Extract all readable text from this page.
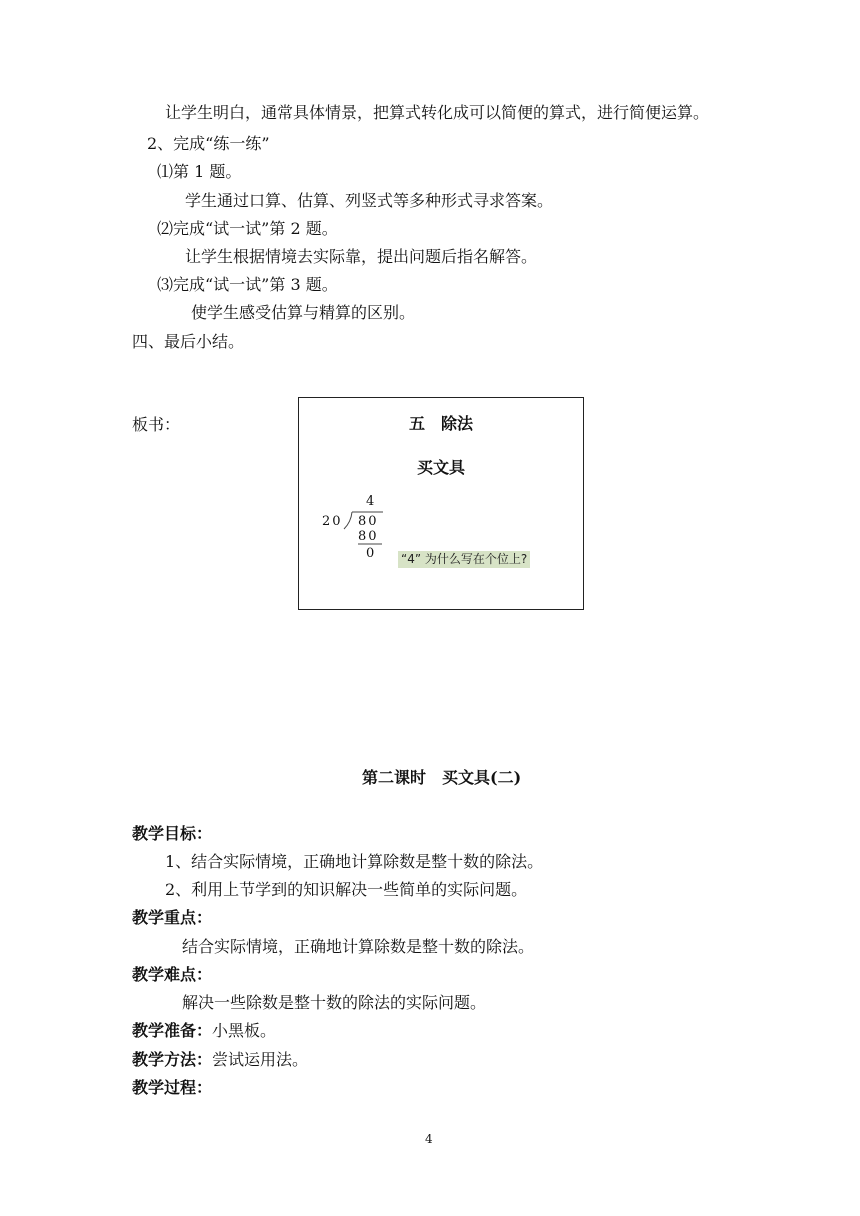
让学生明白，通常具体情景，把算式转化成可以简便的算式，进行简便运算。
2、完成“练一练”
⑴第 1 题。
学生通过口算、估算、列竖式等多种形式寻求答案。
⑵完成“试一试”第 2 题。
让学生根据情境去实际靠，提出问题后指名解答。
⑶完成“试一试”第 3 题。
使学生感受估算与精算的区别。
四、最后小结。
板书：	五　除法
买文具
4
20 80
80
0 “4” 为什么写在个位上?
第二课时　买文具(二)
教学目标：
1、结合实际情境，正确地计算除数是整十数的除法。
2、利用上节学到的知识解决一些简单的实际问题。
教学重点：
结合实际情境，正确地计算除数是整十数的除法。
教学难点：
解决一些除数是整十数的除法的实际问题。
教学准备：小黑板。
教学方法：尝试运用法。
教学过程：
4
